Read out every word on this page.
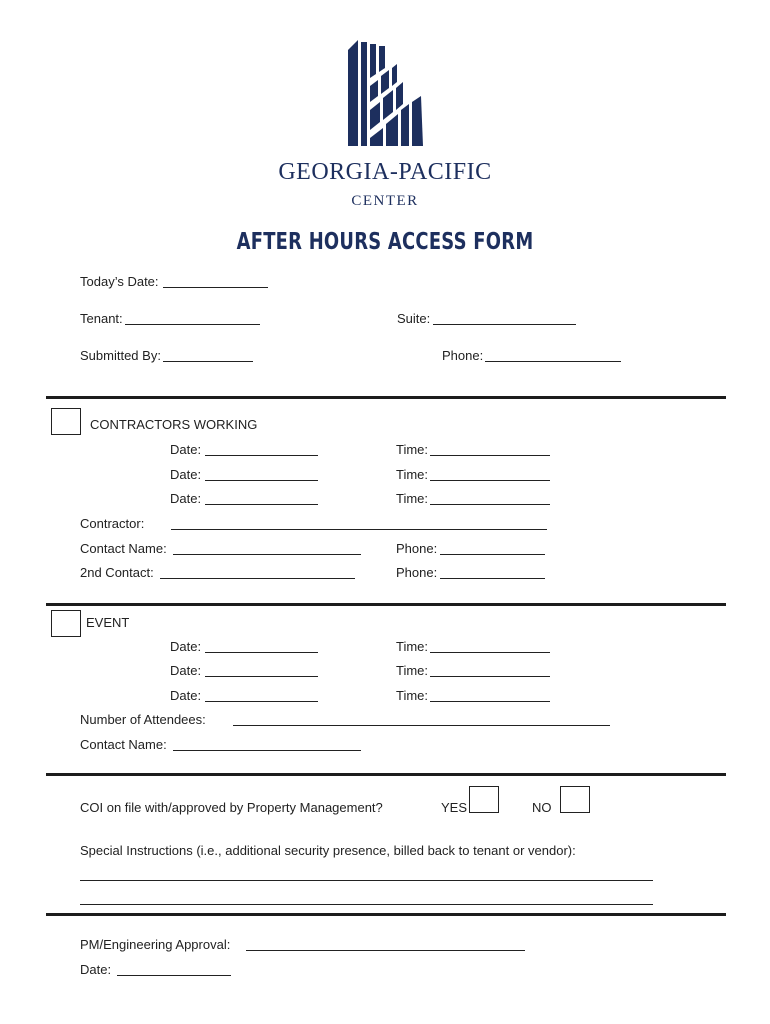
GEORGIA-PACIFIC
CENTER
AFTER HOURS ACCESS FORM
Today’s Date:
Tenant:	Suite:
Submitted By:	Phone:
CONTRACTORS WORKING
Date:	Time:
Date:	Time:
Date:	Time:
Contractor:
Contact Name:	Phone:
2nd Contact:	Phone:
EVENT
Date:	Time:
Date:	Time:
Date:	Time:
Number of Attendees:
Contact Name:
COI on file with/approved by Property Management?	YES	NO
Special Instructions (i.e., additional security presence, billed back to tenant or vendor):
PM/Engineering Approval:
Date:
